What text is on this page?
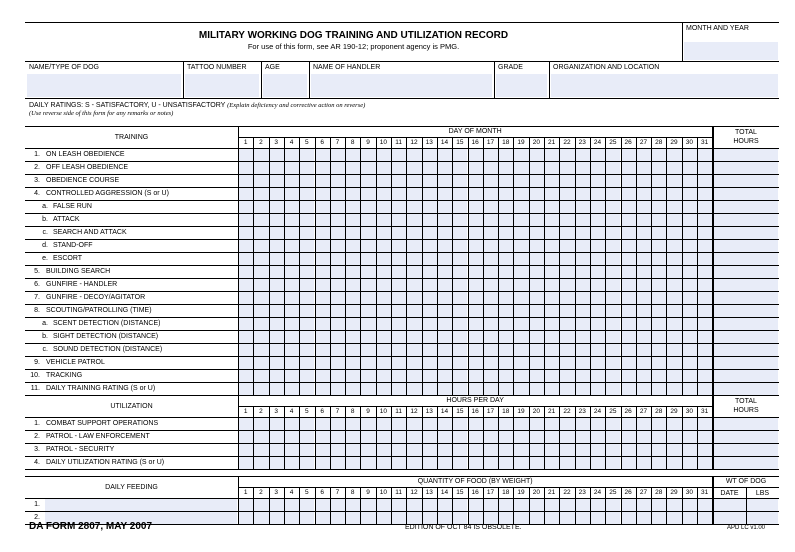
MILITARY WORKING DOG TRAINING AND UTILIZATION RECORD
For use of this form, see AR 190-12; proponent agency is PMG.
MONTH AND YEAR
NAME/TYPE OF DOG	TATTOO NUMBER	AGE	NAME OF HANDLER	GRADE	ORGANIZATION AND LOCATION
DAILY RATINGS: S - SATISFACTORY, U - UNSATISFACTORY (Explain deficiency and corrective action on reverse)
(Use reverse side of this form for any remarks or notes)
TRAINING
DAY OF MONTH
1	2	3	4	5	6	7	8	9	10	11	12	13	14	15	16	17	18	19	20	21	22	23	24	25	26	27	28	29	30	31
TOTAL
HOURS
1. ON LEASH OBEDIENCE
2. OFF LEASH OBEDIENCE
3. OBEDIENCE COURSE
4. CONTROLLED AGGRESSION (S or U)
a. FALSE RUN
b. ATTACK
c. SEARCH AND ATTACK
d. STAND-OFF
e. ESCORT
5. BUILDING SEARCH
6. GUNFIRE - HANDLER
7. GUNFIRE - DECOY/AGITATOR
8. SCOUTING/PATROLLING (TIME)
a. SCENT DETECTION (DISTANCE)
b. SIGHT DETECTION (DISTANCE)
c. SOUND DETECTION (DISTANCE)
9. VEHICLE PATROL
10. TRACKING
11. DAILY TRAINING RATING (S or U)
UTILIZATION
HOURS PER DAY
1	2	3	4	5	6	7	8	9	10	11	12	13	14	15	16	17	18	19	20	21	22	23	24	25	26	27	28	29	30	31
TOTAL
HOURS
1. COMBAT SUPPORT OPERATIONS
2. PATROL - LAW ENFORCEMENT
3. PATROL - SECURITY
4. DAILY UTILIZATION RATING (S or U)
DAILY FEEDING
QUANTITY OF FOOD (BY WEIGHT)
1	2	3	4	5	6	7	8	9	10	11	12	13	14	15	16	17	18	19	20	21	22	23	24	25	26	27	28	29	30	31
WT OF DOG
DATE	LBS
1.
2.
DA FORM 2807, MAY 2007	EDITION OF OCT 84 IS OBSOLETE.	APD LC v1.00
